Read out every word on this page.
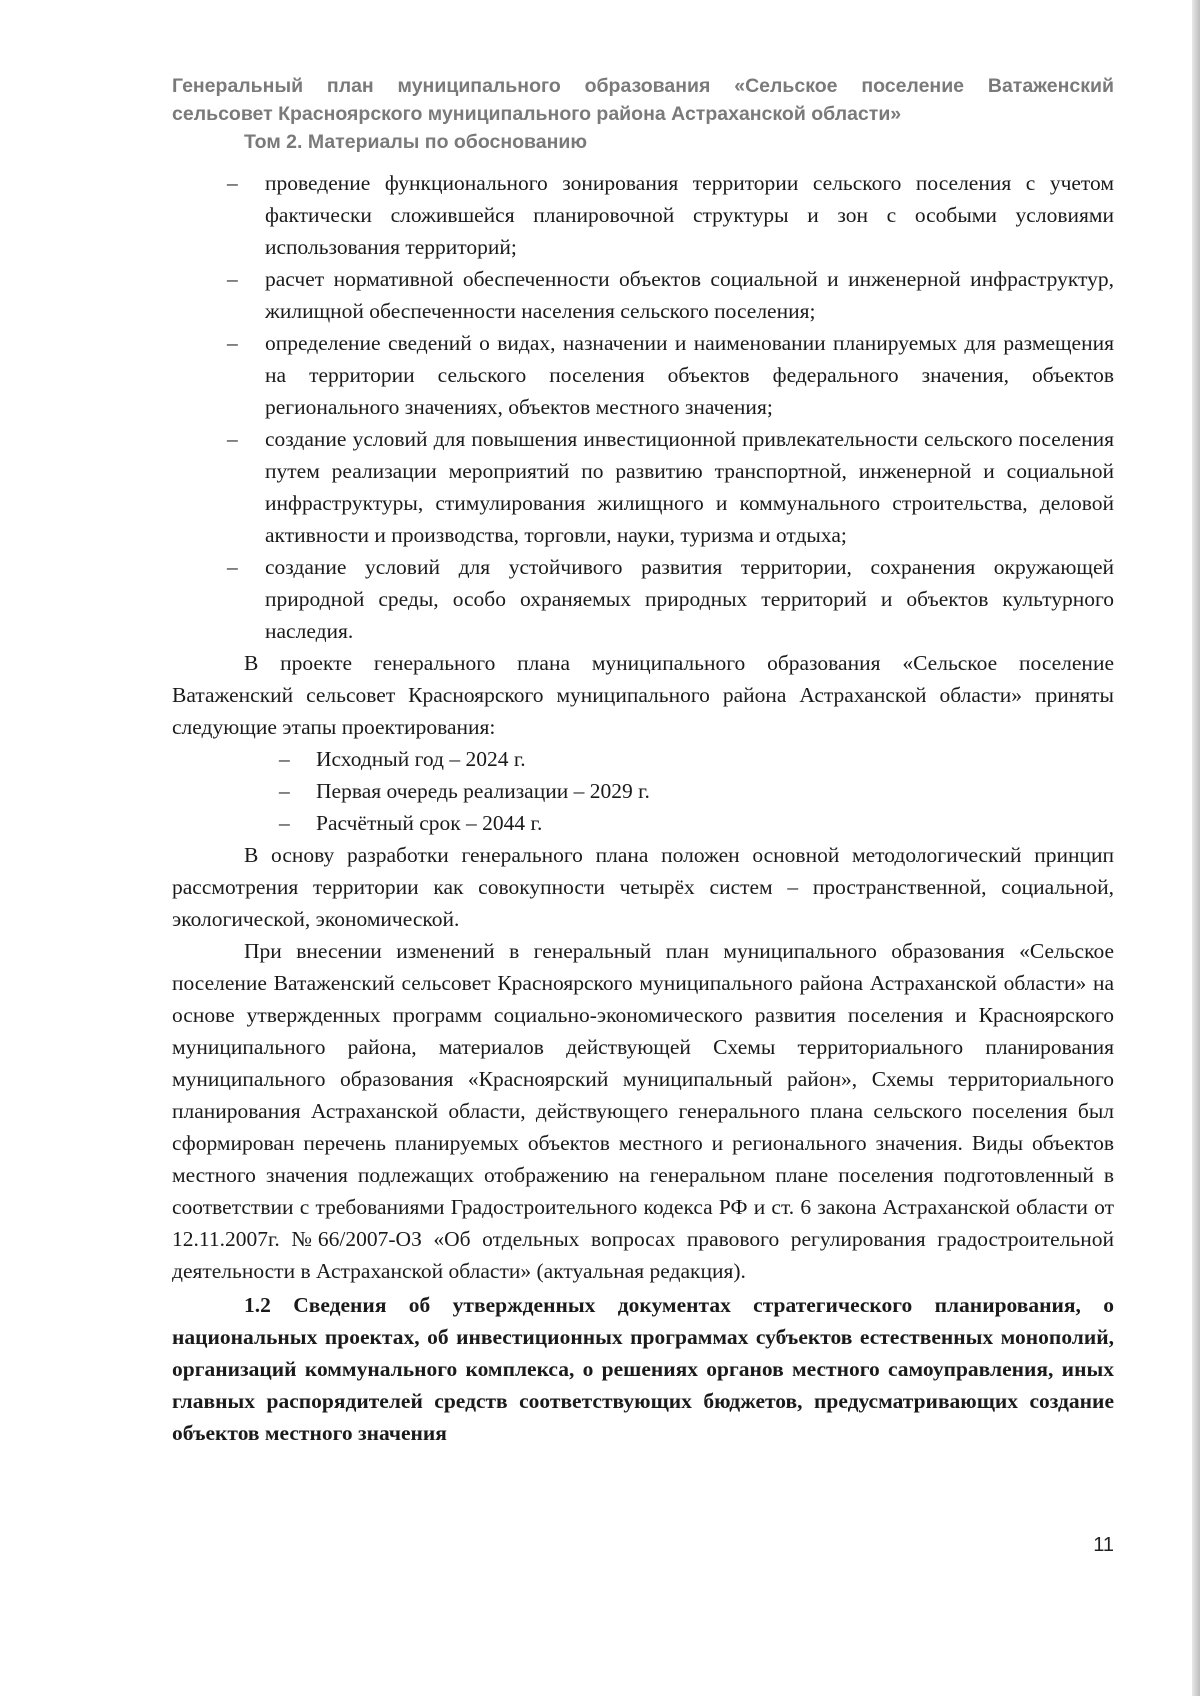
Генеральный план муниципального образования «Сельское поселение Ватаженский
сельсовет Красноярского муниципального района Астраханской области»
Том 2. Материалы по обоснованию
– проведение функционального зонирования территории сельского поселения с учетом фактически сложившейся планировочной структуры и зон с особыми условиями использования территорий;
– расчет нормативной обеспеченности объектов социальной и инженерной инфраструктур, жилищной обеспеченности населения сельского поселения;
– определение сведений о видах, назначении и наименовании планируемых для размещения на территории сельского поселения объектов федерального значения, объектов регионального значениях, объектов местного значения;
– создание условий для повышения инвестиционной привлекательности сельского поселения путем реализации мероприятий по развитию транспортной, инженерной и социальной инфраструктуры, стимулирования жилищного и коммунального строительства, деловой активности и производства, торговли, науки, туризма и отдыха;
– создание условий для устойчивого развития территории, сохранения окружающей природной среды, особо охраняемых природных территорий и объектов культурного наследия.

В проекте генерального плана муниципального образования «Сельское поселение Ватаженский сельсовет Красноярского муниципального района Астраханской области» приняты следующие этапы проектирования:

– Исходный год – 2024 г.
– Первая очередь реализации – 2029 г.
– Расчётный срок – 2044 г.

В основу разработки генерального плана положен основной методологический принцип рассмотрения территории как совокупности четырёх систем – пространственной, социальной, экологической, экономической.

При внесении изменений в генеральный план муниципального образования «Сельское поселение Ватаженский сельсовет Красноярского муниципального района Астраханской области» на основе утвержденных программ социально-экономического развития поселения и Красноярского муниципального района, материалов действующей Схемы территориального планирования муниципального образования «Красноярский муниципальный район», Схемы территориального планирования Астраханской области, действующего генерального плана сельского поселения был сформирован перечень планируемых объектов местного и регионального значения. Виды объектов местного значения подлежащих отображению на генеральном плане поселения подготовленный в соответствии с требованиями Градостроительного кодекса РФ и ст. 6 закона Астраханской области от 12.11.2007г. №66/2007-ОЗ «Об отдельных вопросах правового регулирования градостроительной деятельности в Астраханской области» (актуальная редакция).

1.2 Сведения об утвержденных документах стратегического планирования, о национальных проектах, об инвестиционных программах субъектов естественных монополий, организаций коммунального комплекса, о решениях органов местного самоуправления, иных главных распорядителей средств соответствующих бюджетов, предусматривающих создание объектов местного значения

11
